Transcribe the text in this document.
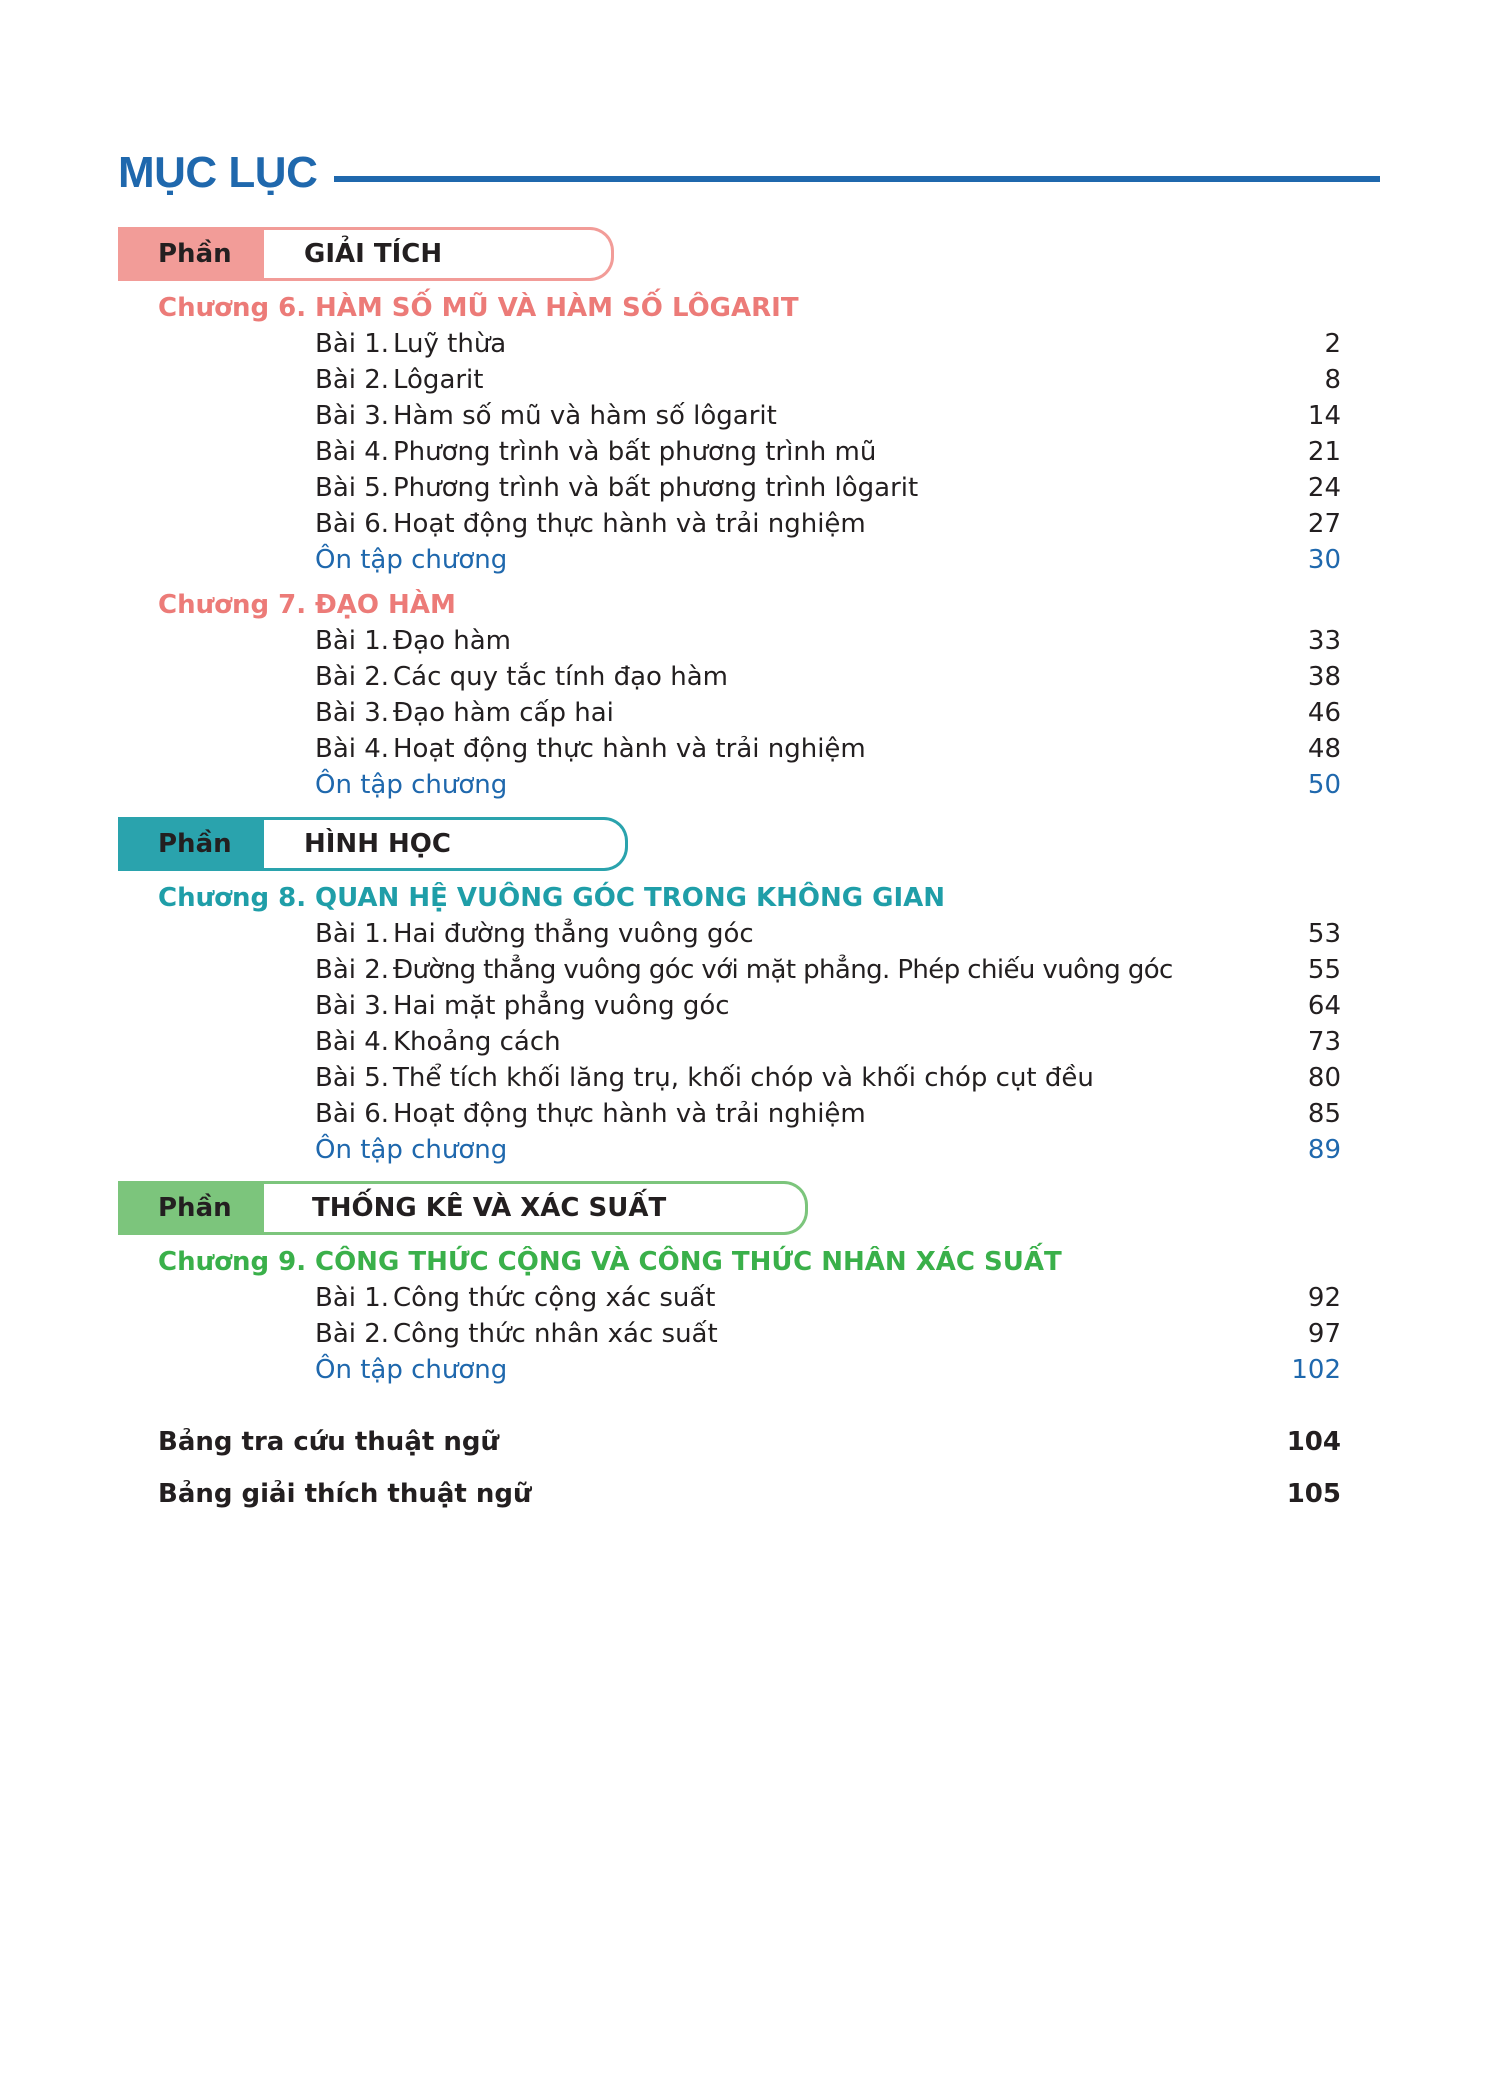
MỤC LỤC
Phần	GIẢI TÍCH
Chương 6. HÀM SỐ MŨ VÀ HÀM SỐ LÔGARIT
Bài 1. Luỹ thừa	2
Bài 2. Lôgarit	8
Bài 3. Hàm số mũ và hàm số lôgarit	14
Bài 4. Phương trình và bất phương trình mũ	21
Bài 5. Phương trình và bất phương trình lôgarit	24
Bài 6. Hoạt động thực hành và trải nghiệm	27
Ôn tập chương	30
Chương 7. ĐẠO HÀM
Bài 1. Đạo hàm	33
Bài 2. Các quy tắc tính đạo hàm	38
Bài 3. Đạo hàm cấp hai	46
Bài 4. Hoạt động thực hành và trải nghiệm	48
Ôn tập chương	50
Phần	HÌNH HỌC
Chương 8. QUAN HỆ VUÔNG GÓC TRONG KHÔNG GIAN
Bài 1. Hai đường thẳng vuông góc	53
Bài 2. Đường thẳng vuông góc với mặt phẳng. Phép chiếu vuông góc	55
Bài 3. Hai mặt phẳng vuông góc	64
Bài 4. Khoảng cách	73
Bài 5. Thể tích khối lăng trụ, khối chóp và khối chóp cụt đều	80
Bài 6. Hoạt động thực hành và trải nghiệm	85
Ôn tập chương	89
Phần	THỐNG KÊ VÀ XÁC SUẤT
Chương 9. CÔNG THỨC CỘNG VÀ CÔNG THỨC NHÂN XÁC SUẤT
Bài 1. Công thức cộng xác suất	92
Bài 2. Công thức nhân xác suất	97
Ôn tập chương	102
Bảng tra cứu thuật ngữ	104
Bảng giải thích thuật ngữ	105
